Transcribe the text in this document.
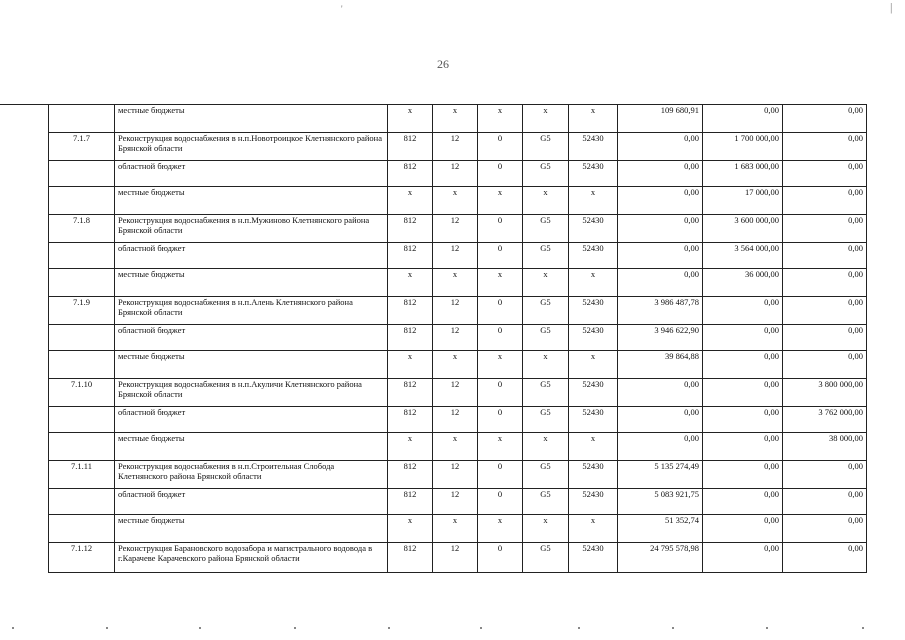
'	|
26
	местные бюджеты	x	x	x	x	x	109 680,91	0,00	0,00
7.1.7	Реконструкция водоснабжения в н.п.Новотроицкое Клетнянского района Брянской области	812	12	0	G5	52430	0,00	1 700 000,00	0,00
	областной бюджет	812	12	0	G5	52430	0,00	1 683 000,00	0,00
	местные бюджеты	x	x	x	x	x	0,00	17 000,00	0,00
7.1.8	Реконструкция водоснабжения в н.п.Мужиново Клетнянского района Брянской области	812	12	0	G5	52430	0,00	3 600 000,00	0,00
	областной бюджет	812	12	0	G5	52430	0,00	3 564 000,00	0,00
	местные бюджеты	x	x	x	x	x	0,00	36 000,00	0,00
7.1.9	Реконструкция водоснабжения в н.п.Алень Клетнянского района Брянской области	812	12	0	G5	52430	3 986 487,78	0,00	0,00
	областной бюджет	812	12	0	G5	52430	3 946 622,90	0,00	0,00
	местные бюджеты	x	x	x	x	x	39 864,88	0,00	0,00
7.1.10	Реконструкция водоснабжения в н.п.Акуличи Клетнянского района Брянской области	812	12	0	G5	52430	0,00	0,00	3 800 000,00
	областной бюджет	812	12	0	G5	52430	0,00	0,00	3 762 000,00
	местные бюджеты	x	x	x	x	x	0,00	0,00	38 000,00
7.1.11	Реконструкция водоснабжения в н.п.Строительная Слобода Клетнянского района Брянской области	812	12	0	G5	52430	5 135 274,49	0,00	0,00
	областной бюджет	812	12	0	G5	52430	5 083 921,75	0,00	0,00
	местные бюджеты	x	x	x	x	x	51 352,74	0,00	0,00
7.1.12	Реконструкция Барановского водозабора и магистрального водовода в г.Карачеве Карачевского района Брянской области	812	12	0	G5	52430	24 795 578,98	0,00	0,00
